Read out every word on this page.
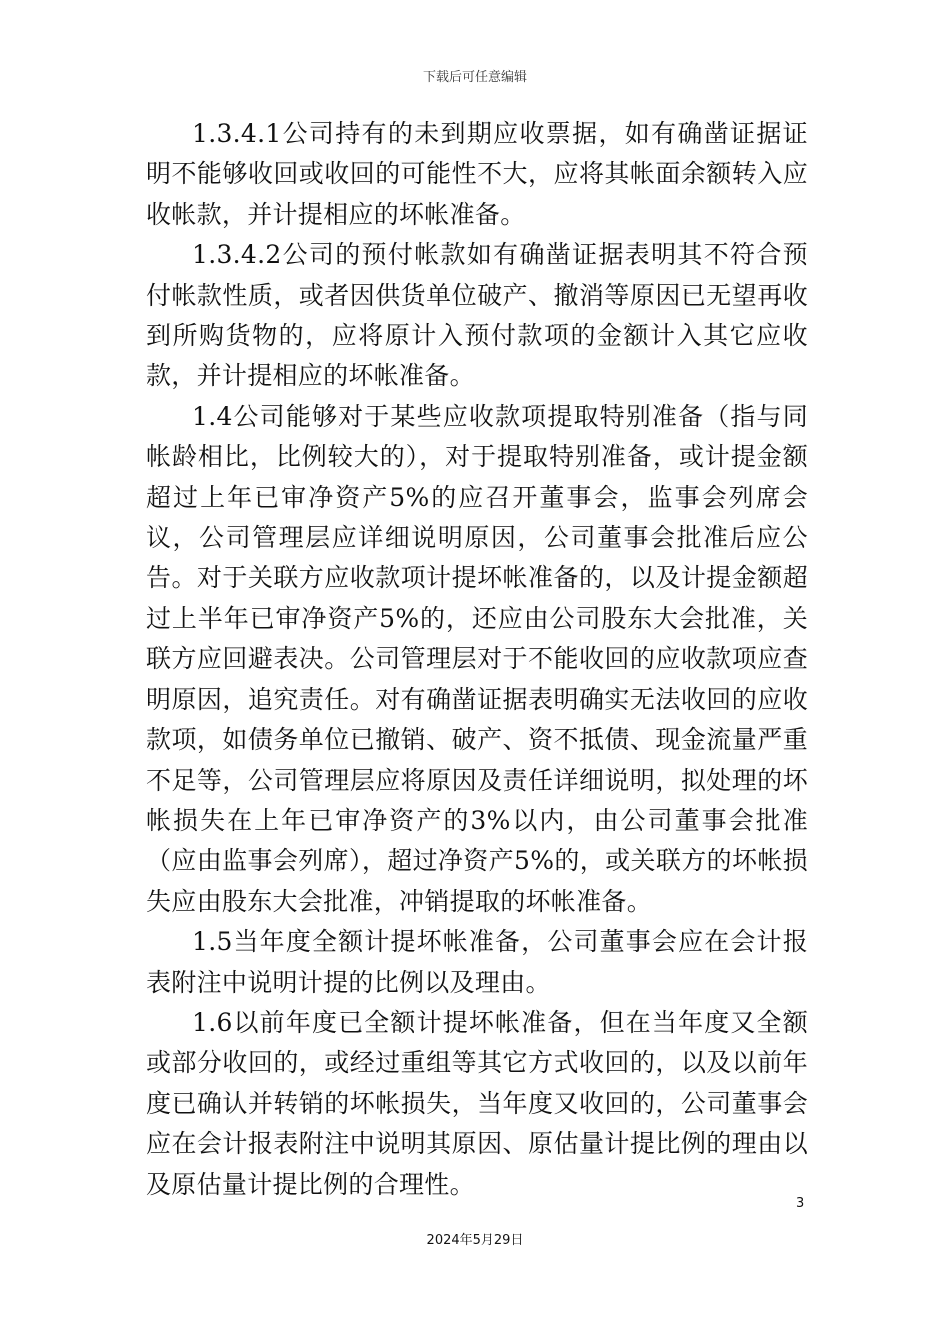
下载后可任意编辑

1.3.4.1公司持有的未到期应收票据，如有确凿证据证明不能够收回或收回的可能性不大，应将其帐面余额转入应收帐款，并计提相应的坏帐准备。

1.3.4.2公司的预付帐款如有确凿证据表明其不符合预付帐款性质，或者因供货单位破产、撤消等原因已无望再收到所购货物的，应将原计入预付款项的金额计入其它应收款，并计提相应的坏帐准备。

1.4公司能够对于某些应收款项提取特别准备（指与同帐龄相比，比例较大的），对于提取特别准备，或计提金额超过上年已审净资产5%的应召开董事会，监事会列席会议，公司管理层应详细说明原因，公司董事会批准后应公告。对于关联方应收款项计提坏帐准备的，以及计提金额超过上半年已审净资产5%的，还应由公司股东大会批准，关联方应回避表决。公司管理层对于不能收回的应收款项应查明原因，追究责任。对有确凿证据表明确实无法收回的应收款项，如债务单位已撤销、破产、资不抵债、现金流量严重不足等，公司管理层应将原因及责任详细说明，拟处理的坏帐损失在上年已审净资产的3%以内，由公司董事会批准（应由监事会列席），超过净资产5%的，或关联方的坏帐损失应由股东大会批准，冲销提取的坏帐准备。

1.5当年度全额计提坏帐准备，公司董事会应在会计报表附注中说明计提的比例以及理由。

1.6以前年度已全额计提坏帐准备，但在当年度又全额或部分收回的，或经过重组等其它方式收回的，以及以前年度已确认并转销的坏帐损失，当年度又收回的，公司董事会应在会计报表附注中说明其原因、原估量计提比例的理由以及原估量计提比例的合理性。

3
2024年5月29日
